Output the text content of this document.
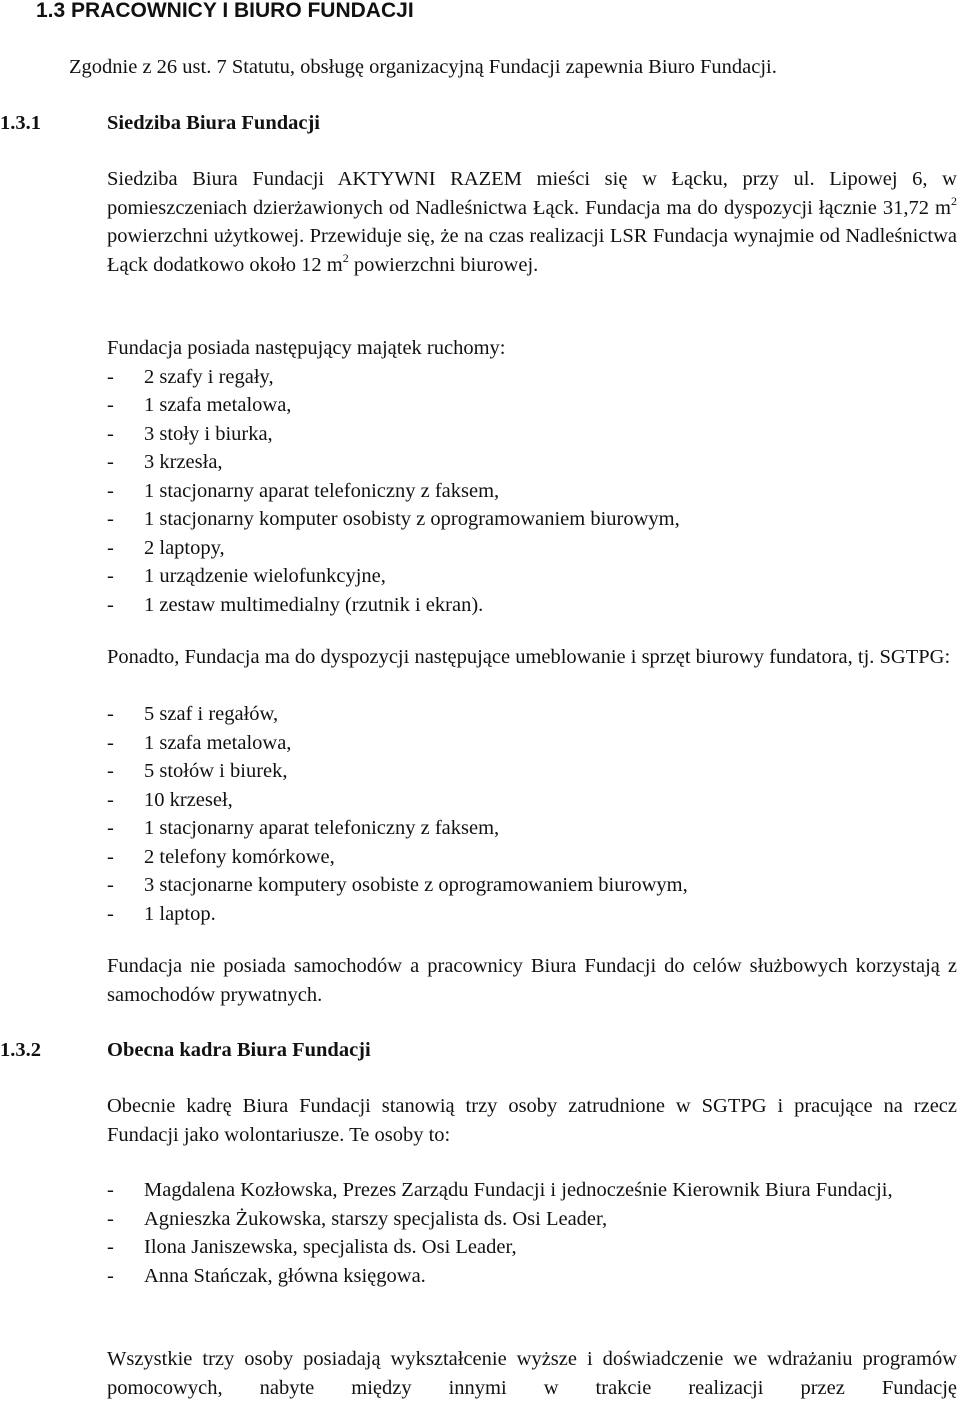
1.3 PRACOWNICY I BIURO FUNDACJI
Zgodnie z 26 ust. 7 Statutu, obsługę organizacyjną Fundacji zapewnia Biuro Fundacji.
1.3.1	Siedziba Biura Fundacji

Siedziba Biura Fundacji AKTYWNI RAZEM mieści się w Łącku, przy ul. Lipowej 6, w pomieszczeniach dzierżawionych od Nadleśnictwa Łąck. Fundacja ma do dyspozycji łącznie 31,72 $m^2$ powierzchni użytkowej. Przewiduje się, że na czas realizacji LSR Fundacja wynajmie od Nadleśnictwa Łąck dodatkowo około 12 $m^2$ powierzchni biurowej.

Fundacja posiada następujący majątek ruchomy:

- 2 szafy i regały,
- 1 szafa metalowa,
- 3 stoły i biurka,
- 3 krzesła,
- 1 stacjonarny aparat telefoniczny z faksem,
- 1 stacjonarny komputer osobisty z oprogramowaniem biurowym,
- 2 laptopy,
- 1 urządzenie wielofunkcyjne,
- 1 zestaw multimedialny (rzutnik i ekran).

Ponadto, Fundacja ma do dyspozycji następujące umeblowanie i sprzęt biurowy fundatora, tj. SGTPG:

- 5 szaf i regałów,
- 1 szafa metalowa,
- 5 stołów i biurek,
- 10 krzeseł,
- 1 stacjonarny aparat telefoniczny z faksem,
- 2 telefony komórkowe,
- 3 stacjonarne komputery osobiste z oprogramowaniem biurowym,
- 1 laptop.

Fundacja nie posiada samochodów a pracownicy Biura Fundacji do celów służbowych korzystają z samochodów prywatnych.

1.3.2	Obecna kadra Biura Fundacji

Obecnie kadrę Biura Fundacji stanowią trzy osoby zatrudnione w SGTPG i pracujące na rzecz Fundacji jako wolontariusze. Te osoby to:

- Magdalena Kozłowska, Prezes Zarządu Fundacji i jednocześnie Kierownik Biura Fundacji,
- Agnieszka Żukowska, starszy specjalista ds. Osi Leader,
- Ilona Janiszewska, specjalista ds. Osi Leader,
- Anna Stańczak, główna księgowa.

Wszystkie trzy osoby posiadają wykształcenie wyższe i doświadczenie we wdrażaniu programów pomocowych, nabyte między innymi w trakcie realizacji przez Fundację
